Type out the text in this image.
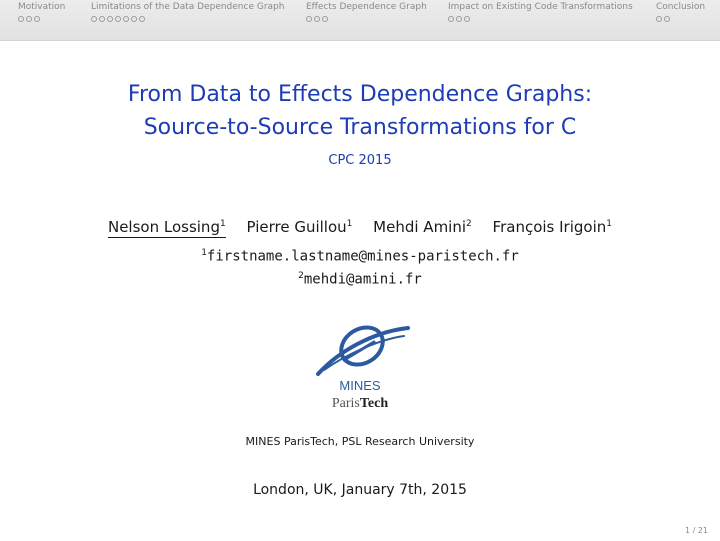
Motivation	Limitations of the Data Dependence Graph Effects Dependence Graph Impact on Existing Code Transformations	Conclusion
From Data to Effects Dependence Graphs:
Source-to-Source Transformations for C
CPC 2015
Nelson Lossing$^1$ Pierre Guillou$^1$ Mehdi Amini$^2$ François Irigoin$^1$
$^1$firstname.lastname@mines-paristech.fr
$^2$mehdi@amini.fr
MINES
ParisTech
MINES ParisTech, PSL Research University
London, UK, January 7th, 2015
1 / 21
